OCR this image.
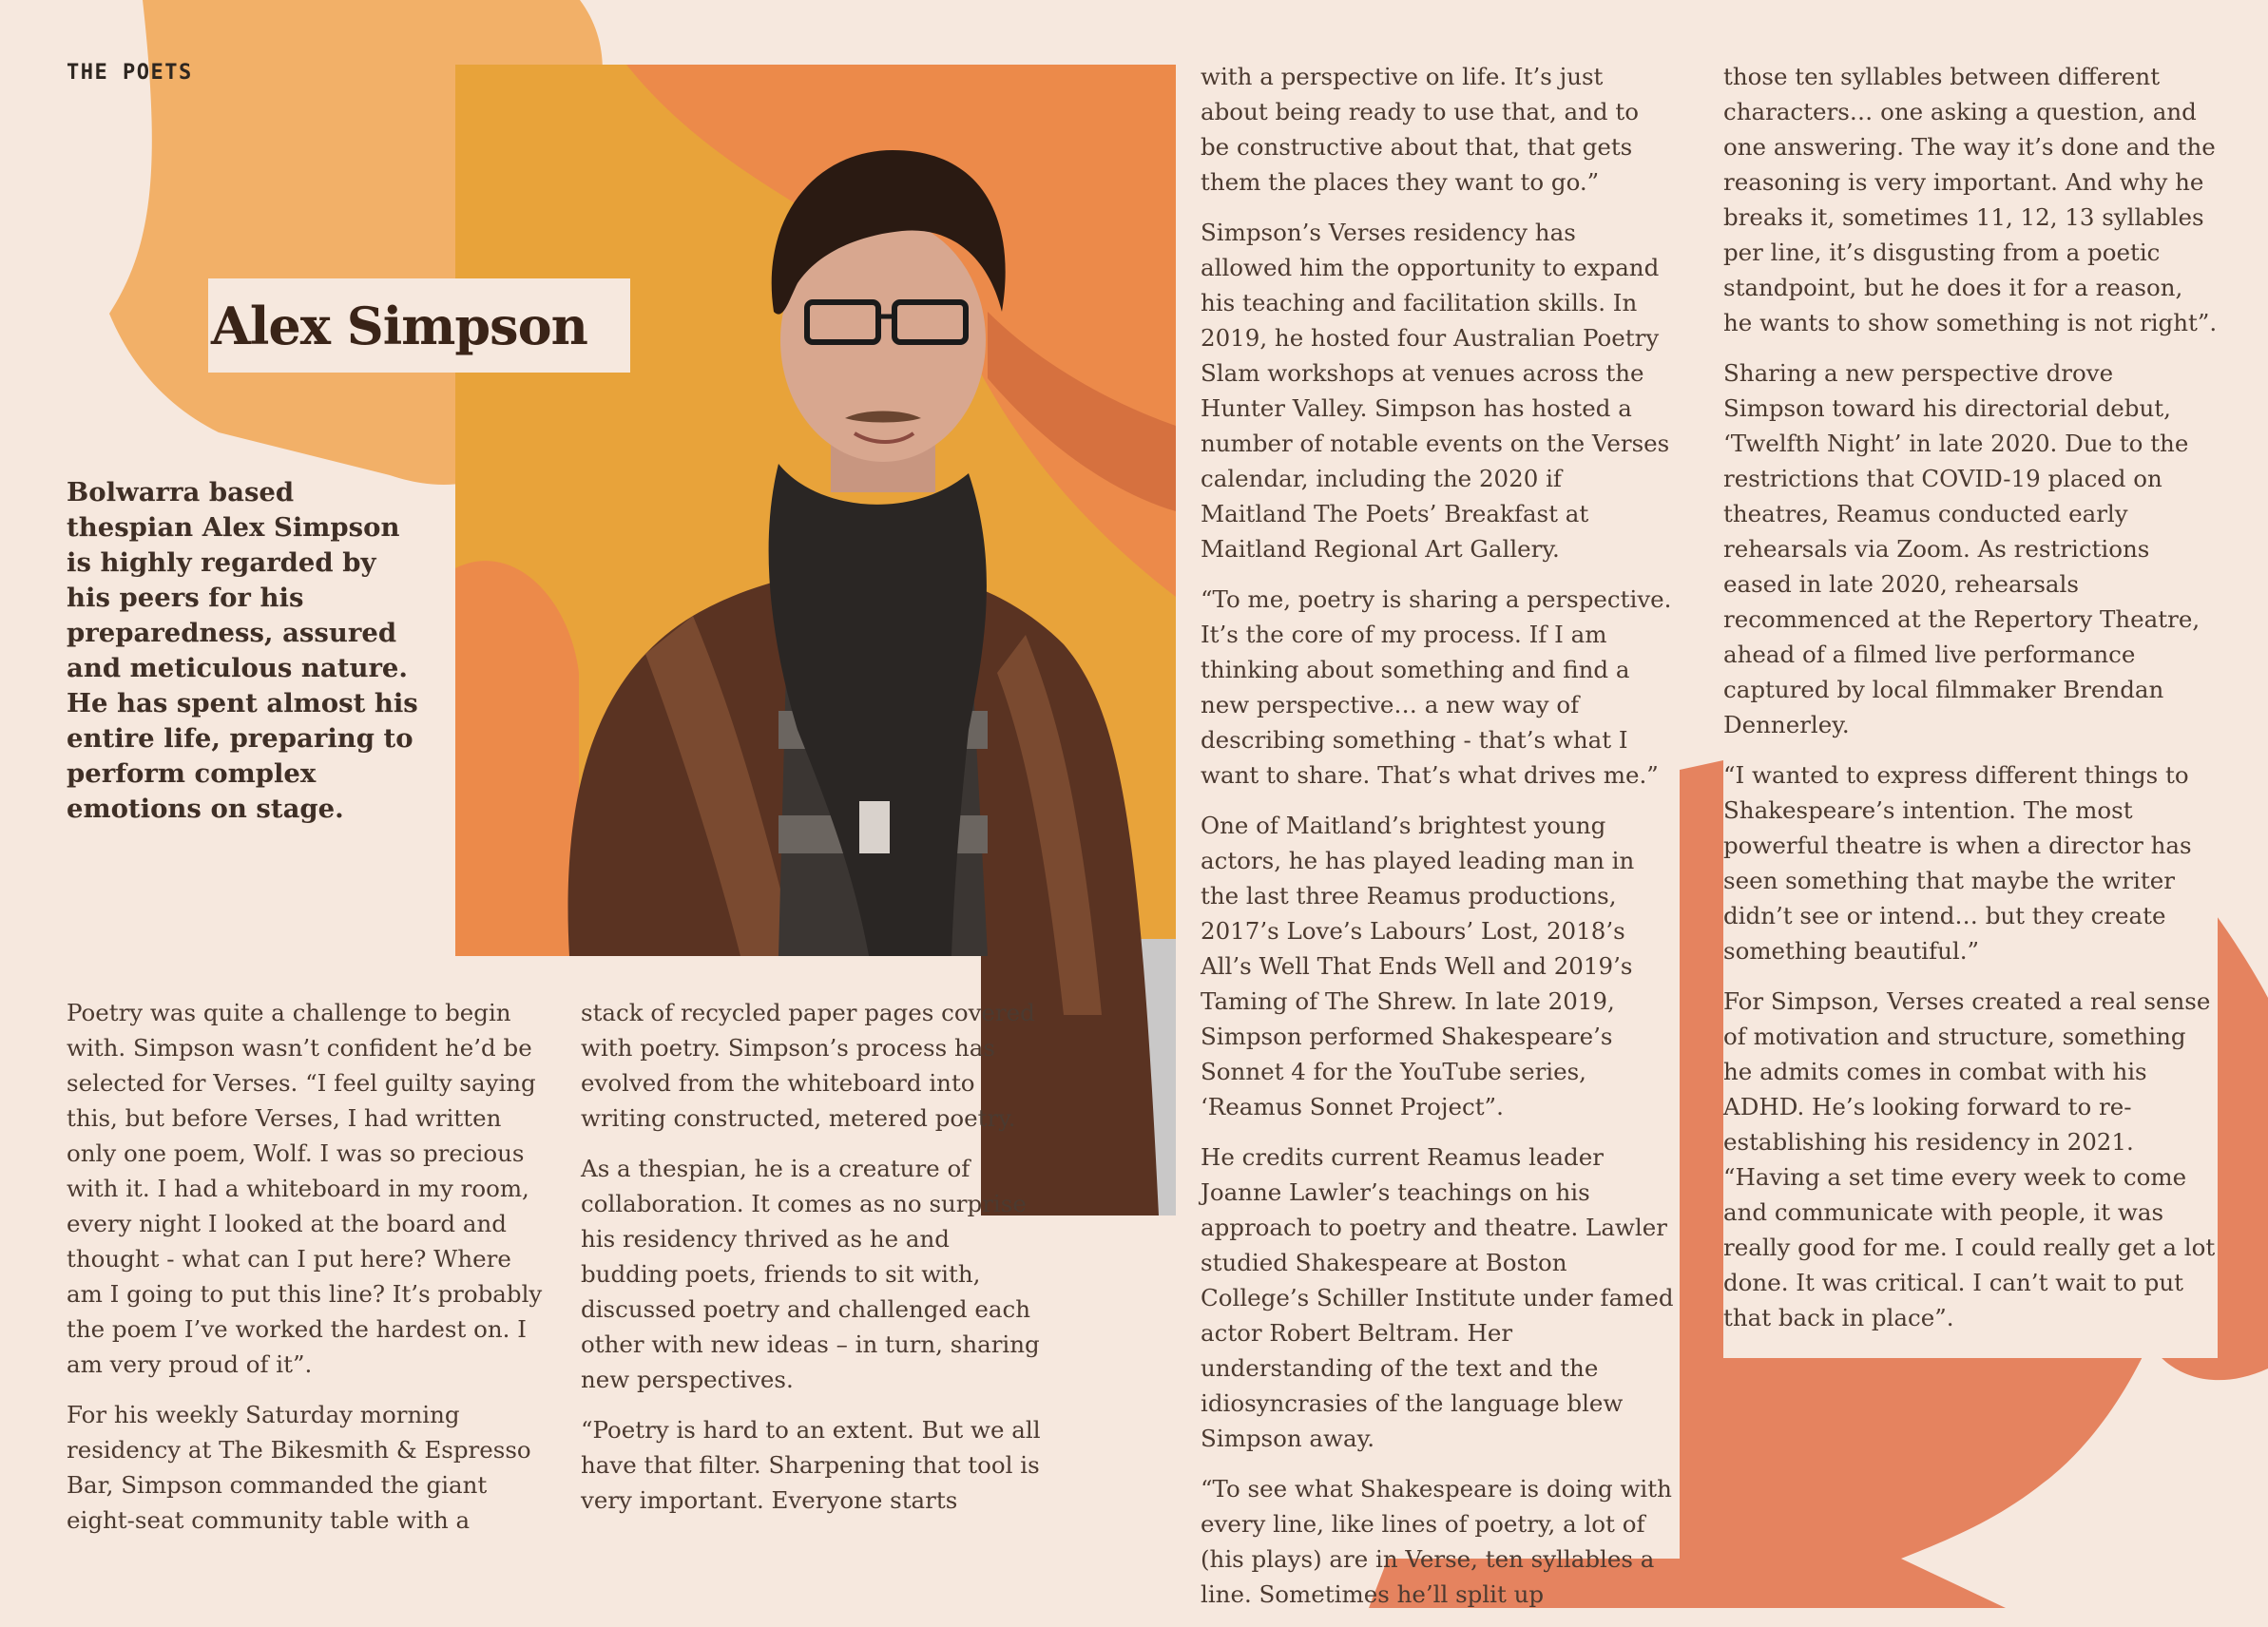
THE POETS
Alex Simpson

Bolwarra based thespian Alex Simpson is highly regarded by his peers for his preparedness, assured and meticulous nature. He has spent almost his entire life, preparing to perform complex emotions on stage.

Poetry was quite a challenge to begin with. Simpson wasn’t confident he’d be selected for Verses. “I feel guilty saying this, but before Verses, I had written only one poem, Wolf. I was so precious with it. I had a whiteboard in my room, every night I looked at the board and thought - what can I put here? Where am I going to put this line? It’s probably the poem I’ve worked the hardest on. I am very proud of it”.

For his weekly Saturday morning residency at The Bikesmith & Espresso Bar, Simpson commanded the giant eight-seat community table with a

stack of recycled paper pages covered with poetry. Simpson’s process has evolved from the whiteboard into writing constructed, metered poetry.

As a thespian, he is a creature of collaboration. It comes as no surprise his residency thrived as he and budding poets, friends to sit with, discussed poetry and challenged each other with new ideas – in turn, sharing new perspectives.

“Poetry is hard to an extent. But we all have that filter. Sharpening that tool is very important. Everyone starts

with a perspective on life. It’s just about being ready to use that, and to be constructive about that, that gets them the places they want to go.”

Simpson’s Verses residency has allowed him the opportunity to expand his teaching and facilitation skills. In 2019, he hosted four Australian Poetry Slam workshops at venues across the Hunter Valley. Simpson has hosted a number of notable events on the Verses calendar, including the 2020 if Maitland The Poets’ Breakfast at Maitland Regional Art Gallery.

“To me, poetry is sharing a perspective. It’s the core of my process. If I am thinking about something and find a new perspective… a new way of describing something - that’s what I want to share. That’s what drives me.”

One of Maitland’s brightest young actors, he has played leading man in the last three Reamus productions, 2017’s Love’s Labours’ Lost, 2018’s All’s Well That Ends Well and 2019’s Taming of The Shrew. In late 2019, Simpson performed Shakespeare’s Sonnet 4 for the YouTube series, ‘Reamus Sonnet Project”.

He credits current Reamus leader Joanne Lawler’s teachings on his approach to poetry and theatre. Lawler studied Shakespeare at Boston College’s Schiller Institute under famed actor Robert Beltram. Her understanding of the text and the idiosyncrasies of the language blew Simpson away.

“To see what Shakespeare is doing with every line, like lines of poetry, a lot of (his plays) are in Verse, ten syllables a line. Sometimes he’ll split up

those ten syllables between different characters… one asking a question, and one answering. The way it’s done and the reasoning is very important. And why he breaks it, sometimes 11, 12, 13 syllables per line, it’s disgusting from a poetic standpoint, but he does it for a reason, he wants to show something is not right”.

Sharing a new perspective drove Simpson toward his directorial debut, ‘Twelfth Night’ in late 2020. Due to the restrictions that COVID-19 placed on theatres, Reamus conducted early rehearsals via Zoom. As restrictions eased in late 2020, rehearsals recommenced at the Repertory Theatre, ahead of a filmed live performance captured by local filmmaker Brendan Dennerley.

“I wanted to express different things to Shakespeare’s intention. The most powerful theatre is when a director has seen something that maybe the writer didn’t see or intend… but they create something beautiful.”

For Simpson, Verses created a real sense of motivation and structure, something he admits comes in combat with his ADHD. He’s looking forward to re-establishing his residency in 2021. “Having a set time every week to come and communicate with people, it was really good for me. I could really get a lot done. It was critical. I can’t wait to put that back in place”.
